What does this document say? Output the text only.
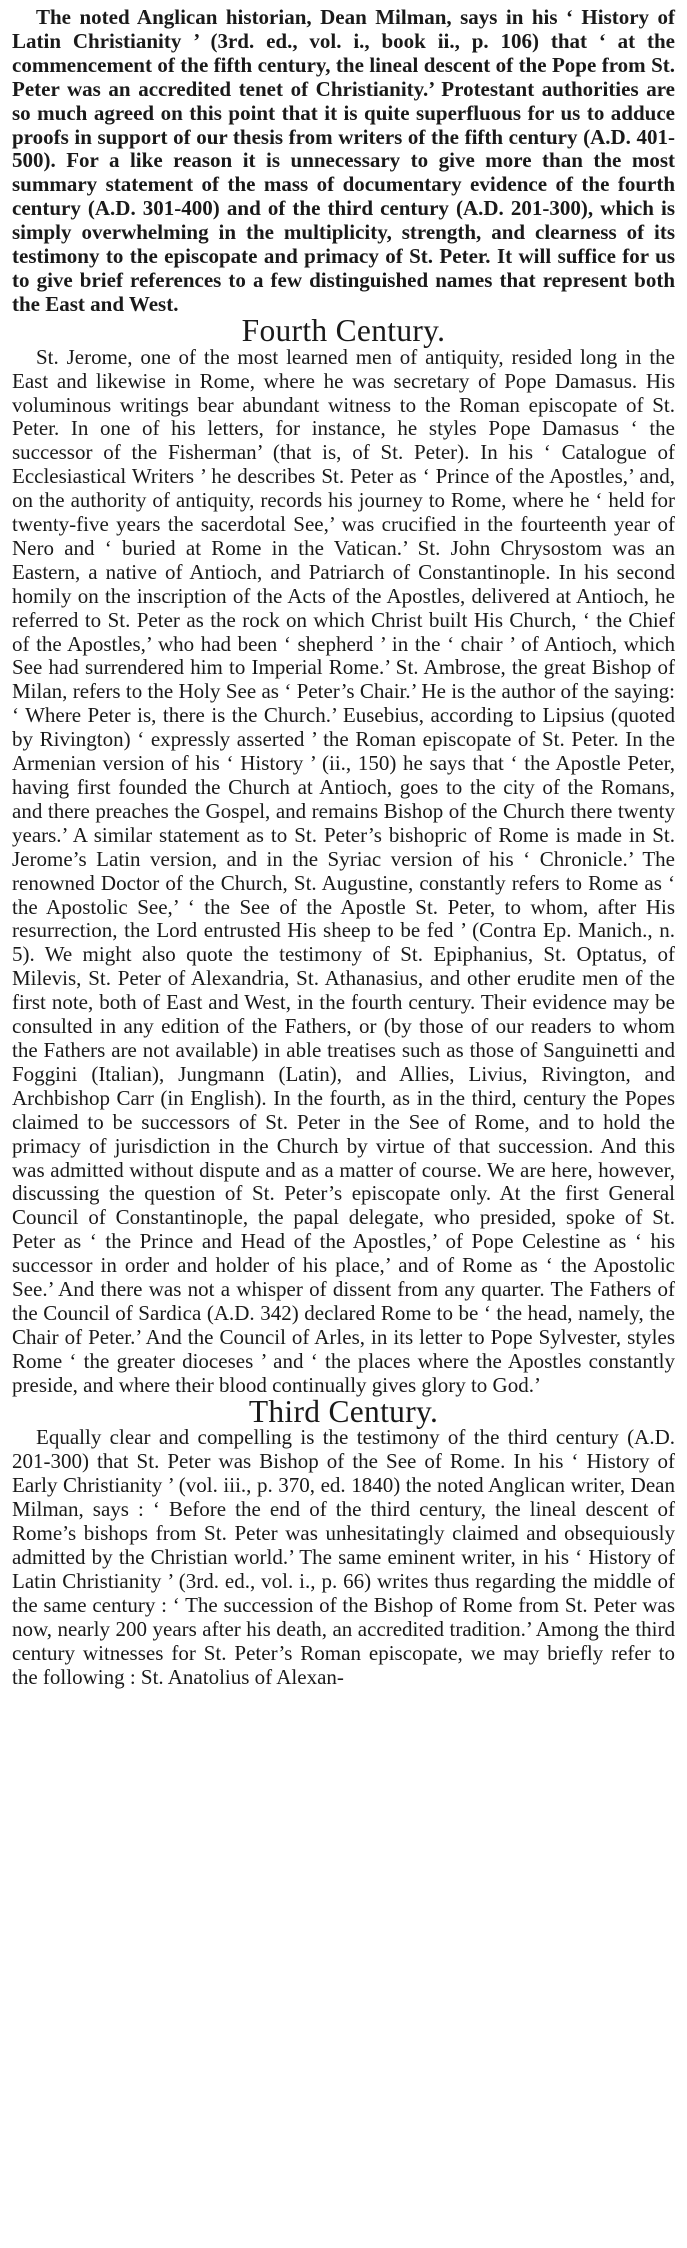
The noted Anglican historian, Dean Milman, says in his ‘ History of Latin Christianity ’ (3rd. ed., vol. i., book ii., p. 106) that ‘ at the commencement of the fifth century, the lineal descent of the Pope from St. Peter was an accredited tenet of Christianity.’ Protestant authorities are so much agreed on this point that it is quite superfluous for us to adduce proofs in support of our thesis from writers of the fifth century (A.D. 401-500). For a like reason it is unnecessary to give more than the most summary statement of the mass of documentary evidence of the fourth century (A.D. 301-400) and of the third century (A.D. 201-300), which is simply overwhelming in the multiplicity, strength, and clearness of its testimony to the episcopate and primacy of St. Peter. It will suffice for us to give brief references to a few distinguished names that represent both the East and West.

Fourth Century.

St. Jerome, one of the most learned men of antiquity, resided long in the East and likewise in Rome, where he was secretary of Pope Damasus. His voluminous writings bear abundant witness to the Roman episcopate of St. Peter. In one of his letters, for instance, he styles Pope Damasus ‘ the successor of the Fisherman’ (that is, of St. Peter). In his ‘ Catalogue of Ecclesiastical Writers ’ he describes St. Peter as ‘ Prince of the Apostles,’ and, on the authority of antiquity, records his journey to Rome, where he ‘ held for twenty-five years the sacerdotal See,’ was crucified in the fourteenth year of Nero and ‘ buried at Rome in the Vatican.’ St. John Chrysostom was an Eastern, a native of Antioch, and Patriarch of Constantinople. In his second homily on the inscription of the Acts of the Apostles, delivered at Antioch, he referred to St. Peter as the rock on which Christ built His Church, ‘ the Chief of the Apostles,’ who had been ‘ shepherd ’ in the ‘ chair ’ of Antioch, which See had surrendered him to Imperial Rome.’ St. Ambrose, the great Bishop of Milan, refers to the Holy See as ‘ Peter’s Chair.’ He is the author of the saying: ‘ Where Peter is, there is the Church.’ Eusebius, according to Lipsius (quoted by Rivington) ‘ expressly asserted ’ the Roman episcopate of St. Peter. In the Armenian version of his ‘ History ’ (ii., 150) he says that ‘ the Apostle Peter, having first founded the Church at Antioch, goes to the city of the Romans, and there preaches the Gospel, and remains Bishop of the Church there twenty years.’ A similar statement as to St. Peter’s bishopric of Rome is made in St. Jerome’s Latin version, and in the Syriac version of his ‘ Chronicle.’ The renowned Doctor of the Church, St. Augustine, constantly refers to Rome as ‘ the Apostolic See,’ ‘ the See of the Apostle St. Peter, to whom, after His resurrection, the Lord entrusted His sheep to be fed ’ (Contra Ep. Manich., n. 5). We might also quote the testimony of St. Epiphanius, St. Optatus, of Milevis, St. Peter of Alexandria, St. Athanasius, and other erudite men of the first note, both of East and West, in the fourth century. Their evidence may be consulted in any edition of the Fathers, or (by those of our readers to whom the Fathers are not available) in able treatises such as those of Sanguinetti and Foggini (Italian), Jungmann (Latin), and Allies, Livius, Rivington, and Archbishop Carr (in English). In the fourth, as in the third, century the Popes claimed to be successors of St. Peter in the See of Rome, and to hold the primacy of jurisdiction in the Church by virtue of that succession. And this was admitted without dispute and as a matter of course. We are here, however, discussing the question of St. Peter’s episcopate only. At the first General Council of Constantinople, the papal delegate, who presided, spoke of St. Peter as ‘ the Prince and Head of the Apostles,’ of Pope Celestine as ‘ his successor in order and holder of his place,’ and of Rome as ‘ the Apostolic See.’ And there was not a whisper of dissent from any quarter. The Fathers of the Council of Sardica (A.D. 342) declared Rome to be ‘ the head, namely, the Chair of Peter.’ And the Council of Arles, in its letter to Pope Sylvester, styles Rome ‘ the greater dioceses ’ and ‘ the places where the Apostles constantly preside, and where their blood continually gives glory to God.’

Third Century.

Equally clear and compelling is the testimony of the third century (A.D. 201-300) that St. Peter was Bishop of the See of Rome. In his ‘ History of Early Christianity ’ (vol. iii., p. 370, ed. 1840) the noted Anglican writer, Dean Milman, says : ‘ Before the end of the third century, the lineal descent of Rome’s bishops from St. Peter was unhesitatingly claimed and obsequiously admitted by the Christian world.’ The same eminent writer, in his ‘ History of Latin Christianity ’ (3rd. ed., vol. i., p. 66) writes thus regarding the middle of the same century : ‘ The succession of the Bishop of Rome from St. Peter was now, nearly 200 years after his death, an accredited tradition.’ Among the third century witnesses for St. Peter’s Roman episcopate, we may briefly refer to the following : St. Anatolius of Alexan-
